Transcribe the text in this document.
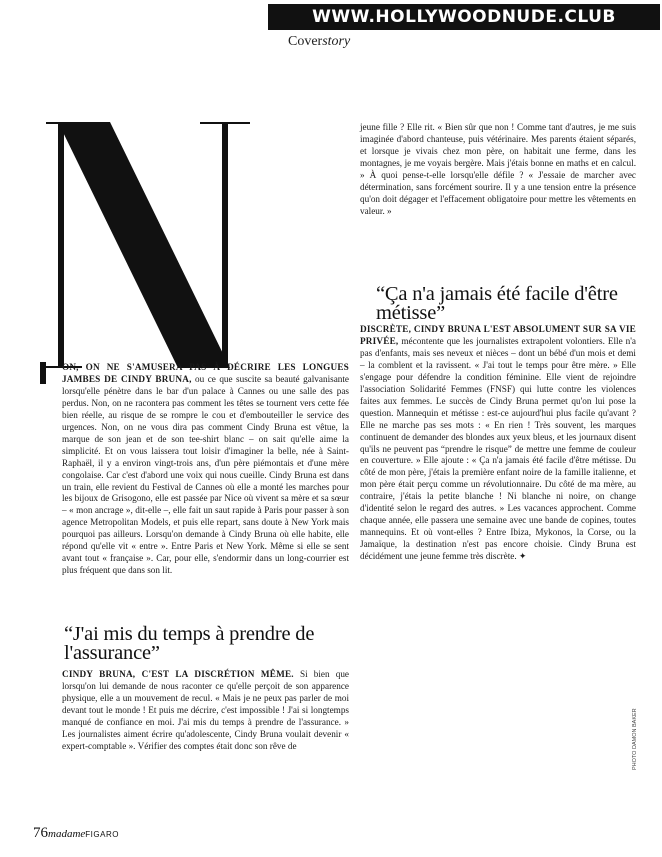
WWW.HOLLYWOODNUDE.CLUB
Coverstory

ON, ON NE S'AMUSERA PAS À DÉCRIRE LES LONGUES JAMBES DE CINDY BRUNA, ou ce que suscite sa beauté galvanisante lorsqu'elle pénètre dans le bar d'un palace à Cannes ou une salle des pas perdus. Non, on ne racontera pas comment les têtes se tournent vers cette fée bien réelle, au risque de se rompre le cou et d'embouteiller le service des urgences. Non, on ne vous dira pas comment Cindy Bruna est vêtue, la marque de son jean et de son tee-shirt blanc – on sait qu'elle aime la simplicité. Et on vous laissera tout loisir d'imaginer la belle, née à Saint-Raphaël, il y a environ vingt-trois ans, d'un père piémontais et d'une mère congolaise. Car c'est d'abord une voix qui nous cueille. Cindy Bruna est dans un train, elle revient du Festival de Cannes où elle a monté les marches pour les bijoux de Grisogono, elle est passée par Nice où vivent sa mère et sa sœur – « mon ancrage », dit-elle –, elle fait un saut rapide à Paris pour passer à son agence Metropolitan Models, et puis elle repart, sans doute à New York mais pourquoi pas ailleurs. Lorsqu'on demande à Cindy Bruna où elle habite, elle répond qu'elle vit « entre ». Entre Paris et New York. Même si elle se sent avant tout « française ». Car, pour elle, s'endormir dans un long-courrier est plus fréquent que dans son lit.

“J'ai mis du temps à prendre de l'assurance”

CINDY BRUNA, C'EST LA DISCRÉTION MÊME. Si bien que lorsqu'on lui demande de nous raconter ce qu'elle perçoit de son apparence physique, elle a un mouvement de recul. « Mais je ne peux pas parler de moi devant tout le monde ! Et puis me décrire, c'est impossible ! J'ai si longtemps manqué de confiance en moi. J'ai mis du temps à prendre de l'assurance. » Les journalistes aiment écrire qu'adolescente, Cindy Bruna voulait devenir « expert-comptable ». Vérifier des comptes était donc son rêve de

jeune fille ? Elle rit. « Bien sûr que non ! Comme tant d'autres, je me suis imaginée d'abord chanteuse, puis vétérinaire. Mes parents étaient séparés, et lorsque je vivais chez mon père, on habitait une ferme, dans les montagnes, je me voyais bergère. Mais j'étais bonne en maths et en calcul. » À quoi pense-t-elle lorsqu'elle défile ? « J'essaie de marcher avec détermination, sans forcément sourire. Il y a une tension entre la présence qu'on doit dégager et l'effacement obligatoire pour mettre les vêtements en valeur. »

“Ça n'a jamais été facile d'être métisse”

DISCRÈTE, CINDY BRUNA L'EST ABSOLUMENT SUR SA VIE PRIVÉE, mécontente que les journalistes extrapolent volontiers. Elle n'a pas d'enfants, mais ses neveux et nièces – dont un bébé d'un mois et demi – la comblent et la ravissent. « J'ai tout le temps pour être mère. » Elle s'engage pour défendre la condition féminine. Elle vient de rejoindre l'association Solidarité Femmes (FNSF) qui lutte contre les violences faites aux femmes. Le succès de Cindy Bruna permet qu'on lui pose la question. Mannequin et métisse : est-ce aujourd'hui plus facile qu'avant ? Elle ne marche pas ses mots : « En rien ! Très souvent, les marques continuent de demander des blondes aux yeux bleus, et les journaux disent qu'ils ne peuvent pas “prendre le risque” de mettre une femme de couleur en couverture. » Elle ajoute : « Ça n'a jamais été facile d'être métisse. Du côté de mon père, j'étais la première enfant noire de la famille italienne, et mon père était perçu comme un révolutionnaire. Du côté de ma mère, au contraire, j'étais la petite blanche ! Ni blanche ni noire, on change d'identité selon le regard des autres. » Les vacances approchent. Comme chaque année, elle passera une semaine avec une bande de copines, toutes mannequins. Et où vont-elles ? Entre Ibiza, Mykonos, la Corse, ou la Jamaïque, la destination n'est pas encore choisie. Cindy Bruna est décidément une jeune femme très discrète. ✦

PHOTO DAMON BAKER
76madameFIGARO
